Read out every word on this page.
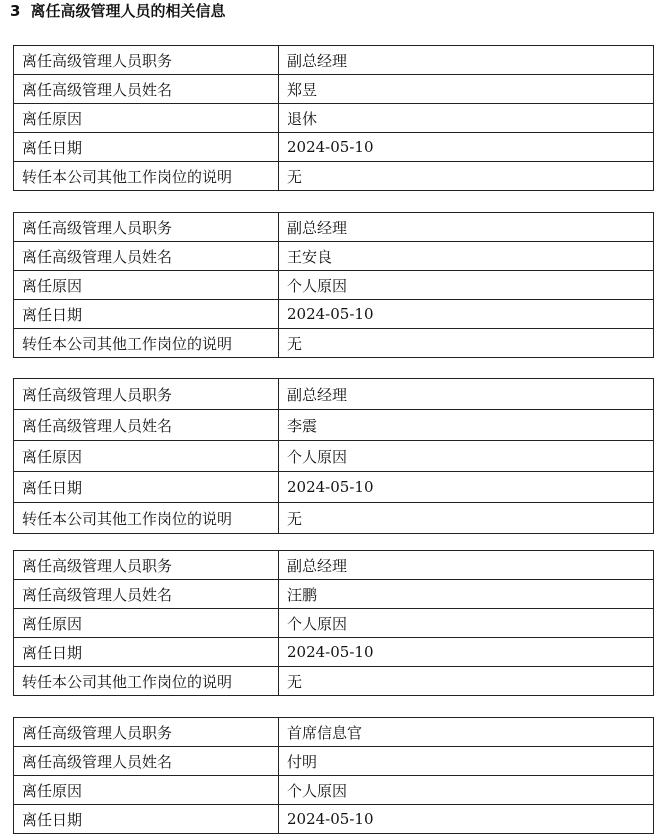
3 离任高级管理人员的相关信息
离任高级管理人员职务	副总经理
离任高级管理人员姓名	郑昱
离任原因	退休
离任日期	2024-05-10
转任本公司其他工作岗位的说明	无
离任高级管理人员职务	副总经理
离任高级管理人员姓名	王安良
离任原因	个人原因
离任日期	2024-05-10
转任本公司其他工作岗位的说明	无
离任高级管理人员职务	副总经理
离任高级管理人员姓名	李震
离任原因	个人原因
离任日期	2024-05-10
转任本公司其他工作岗位的说明	无
离任高级管理人员职务	副总经理
离任高级管理人员姓名	汪鹏
离任原因	个人原因
离任日期	2024-05-10
转任本公司其他工作岗位的说明	无
离任高级管理人员职务	首席信息官
离任高级管理人员姓名	付明
离任原因	个人原因
离任日期	2024-05-10
